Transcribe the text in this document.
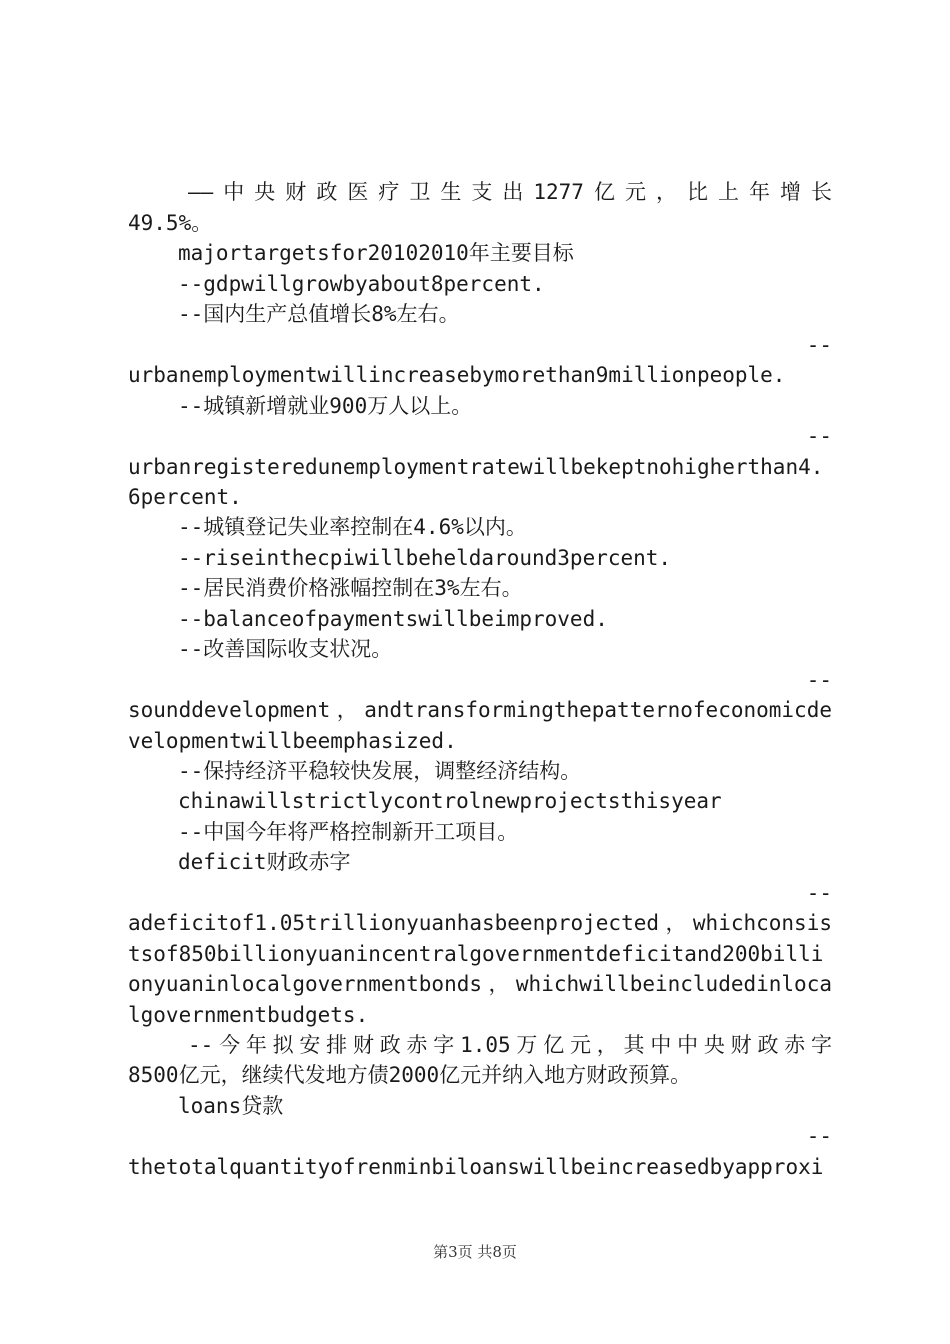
——中央财政医疗卫生支出1277亿元，比上年增长
49.5%。
majortargetsfor20102010年主要目标
--gdpwillgrowbyabout8percent.
--国内生产总值增长8%左右。
--
urbanemploymentwillincreasebymorethan9millionpeople.
--城镇新增就业900万人以上。
--
urbanregisteredunemploymentratewillbekeptnohigherthan4.
6percent.
--城镇登记失业率控制在4.6%以内。
--riseinthecpiwillbeheldaround3percent.
--居民消费价格涨幅控制在3%左右。
--balanceofpaymentswillbeimproved.
--改善国际收支状况。
--
sounddevelopment，andtransformingthepatternofeconomicde
velopmentwillbeemphasized.
--保持经济平稳较快发展，调整经济结构。
chinawillstrictlycontrolnewprojectsthisyear
--中国今年将严格控制新开工项目。
deficit财政赤字
--
adeficitof1.05trillionyuanhasbeenprojected，whichconsis
tsof850billionyuanincentralgovernmentdeficitand200billi
onyuaninlocalgovernmentbonds，whichwillbeincludedinloca
lgovernmentbudgets.
--今年拟安排财政赤字1.05万亿元，其中中央财政赤字
8500亿元，继续代发地方债2000亿元并纳入地方财政预算。
loans贷款
--
thetotalquantityofrenminbiloanswillbeincreasedbyapproxi
第3页 共8页
